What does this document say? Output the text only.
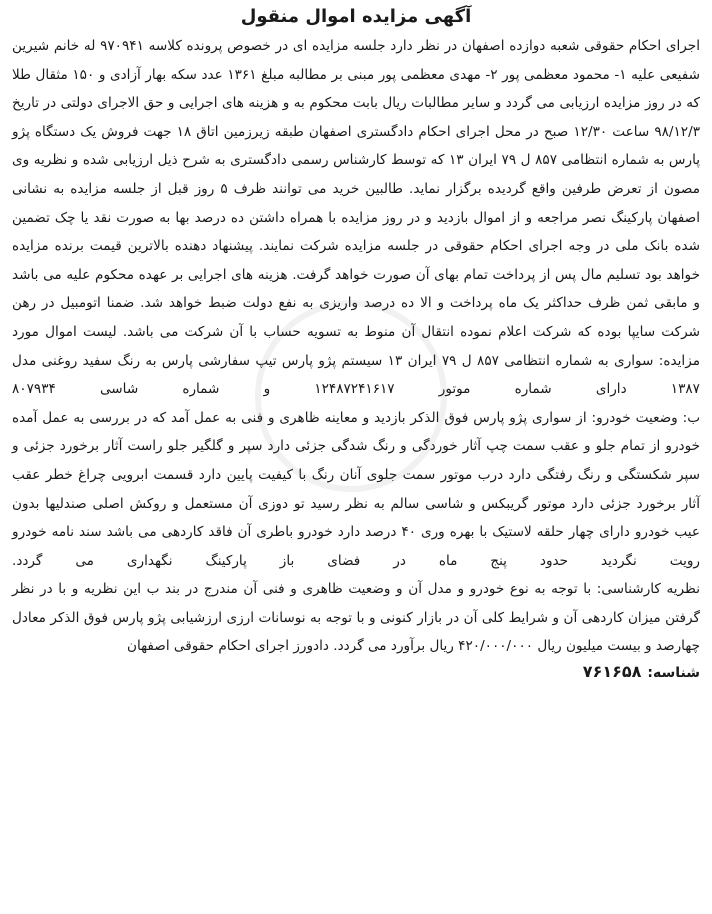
آگهی مزایده اموال منقول

اجرای احکام حقوقی شعبه دوازده اصفهان در نظر دارد جلسه مزایده ای در خصوص پرونده کلاسه ۹۷۰۹۴۱ له خانم شیرین شفیعی علیه ۱- محمود معظمی پور ۲- مهدی معظمی پور مبنی بر مطالبه مبلغ ۱۳۶۱ عدد سکه بهار آزادی و ۱۵۰ مثقال طلا که در روز مزایده ارزیابی می گردد و سایر مطالبات ریال بابت محکوم به و هزینه های اجرایی و حق الاجرای دولتی در تاریخ ۹۸/۱۲/۳ ساعت ۱۲/۳۰ صبح در محل اجرای احکام دادگستری اصفهان طبقه زیرزمین اتاق ۱۸ جهت فروش یک دستگاه پژو پارس به شماره انتظامی ۸۵۷ ل ۷۹ ایران ۱۳ که توسط کارشناس رسمی دادگستری به شرح ذیل ارزیابی شده و نظریه وی مصون از تعرض طرفین واقع گردیده برگزار نماید. طالبین خرید می توانند ظرف ۵ روز قبل از جلسه مزایده به نشانی اصفهان پارکینگ نصر مراجعه و از اموال بازدید و در روز مزایده با همراه داشتن ده درصد بها به صورت نقد یا چک تضمین شده بانک ملی در وجه اجرای احکام حقوقی در جلسه مزایده شرکت نمایند. پیشنهاد دهنده بالاترین قیمت برنده مزایده خواهد بود تسلیم مال پس از پرداخت تمام بهای آن صورت خواهد گرفت. هزینه های اجرایی بر عهده محکوم علیه می باشد و مابقی ثمن ظرف حداکثر یک ماه پرداخت و الا ده درصد واریزی به نفع دولت ضبط خواهد شد. ضمنا اتومبیل در رهن شرکت سایپا بوده که شرکت اعلام نموده انتقال آن منوط به تسویه حساب با آن شرکت می باشد. لیست اموال مورد مزایده: سواری به شماره انتظامی ۸۵۷ ل ۷۹ ایران ۱۳ سیستم پژو پارس تیپ سفارشی پارس به رنگ سفید روغنی مدل ۱۳۸۷ دارای شماره موتور ۱۲۴۸۷۲۴۱۶۱۷ و شماره شاسی ۸۰۷۹۳۴

ب: وضعیت خودرو: از سواری پژو پارس فوق الذکر بازدید و معاینه ظاهری و فنی به عمل آمد که در بررسی به عمل آمده خودرو از تمام جلو و عقب سمت چپ آثار خوردگی و رنگ شدگی جزئی دارد سپر و گلگیر جلو راست آثار برخورد جزئی و سپر شکستگی و رنگ رفتگی دارد درب موتور سمت جلوی آنان رنگ با کیفیت پایین دارد قسمت ابرویی چراغ خطر عقب آثار برخورد جزئی دارد موتور گریبکس و شاسی سالم به نظر رسید تو دوزی آن مستعمل و روکش اصلی صندلیها بدون عیب خودرو دارای چهار حلقه لاستیک با بهره وری ۴۰ درصد دارد خودرو باطری آن فاقد کاردهی می باشد سند نامه خودرو رویت نگردید حدود پنج ماه در فضای باز پارکینگ نگهداری می گردد.

نظریه کارشناسی: با توجه به نوع خودرو و مدل آن و وضعیت ظاهری و فنی آن مندرج در بند ب این نظریه و با در نظر گرفتن میزان کاردهی آن و شرایط کلی آن در بازار کنونی و با توجه به نوسانات ارزی ارزشیابی پژو پارس فوق الذکر معادل چهارصد و بیست میلیون ریال ۴۲۰/۰۰۰/۰۰۰ ریال برآورد می گردد. دادورز اجرای احکام حقوقی اصفهان

شناسه:
۷۶۱۶۵۸
